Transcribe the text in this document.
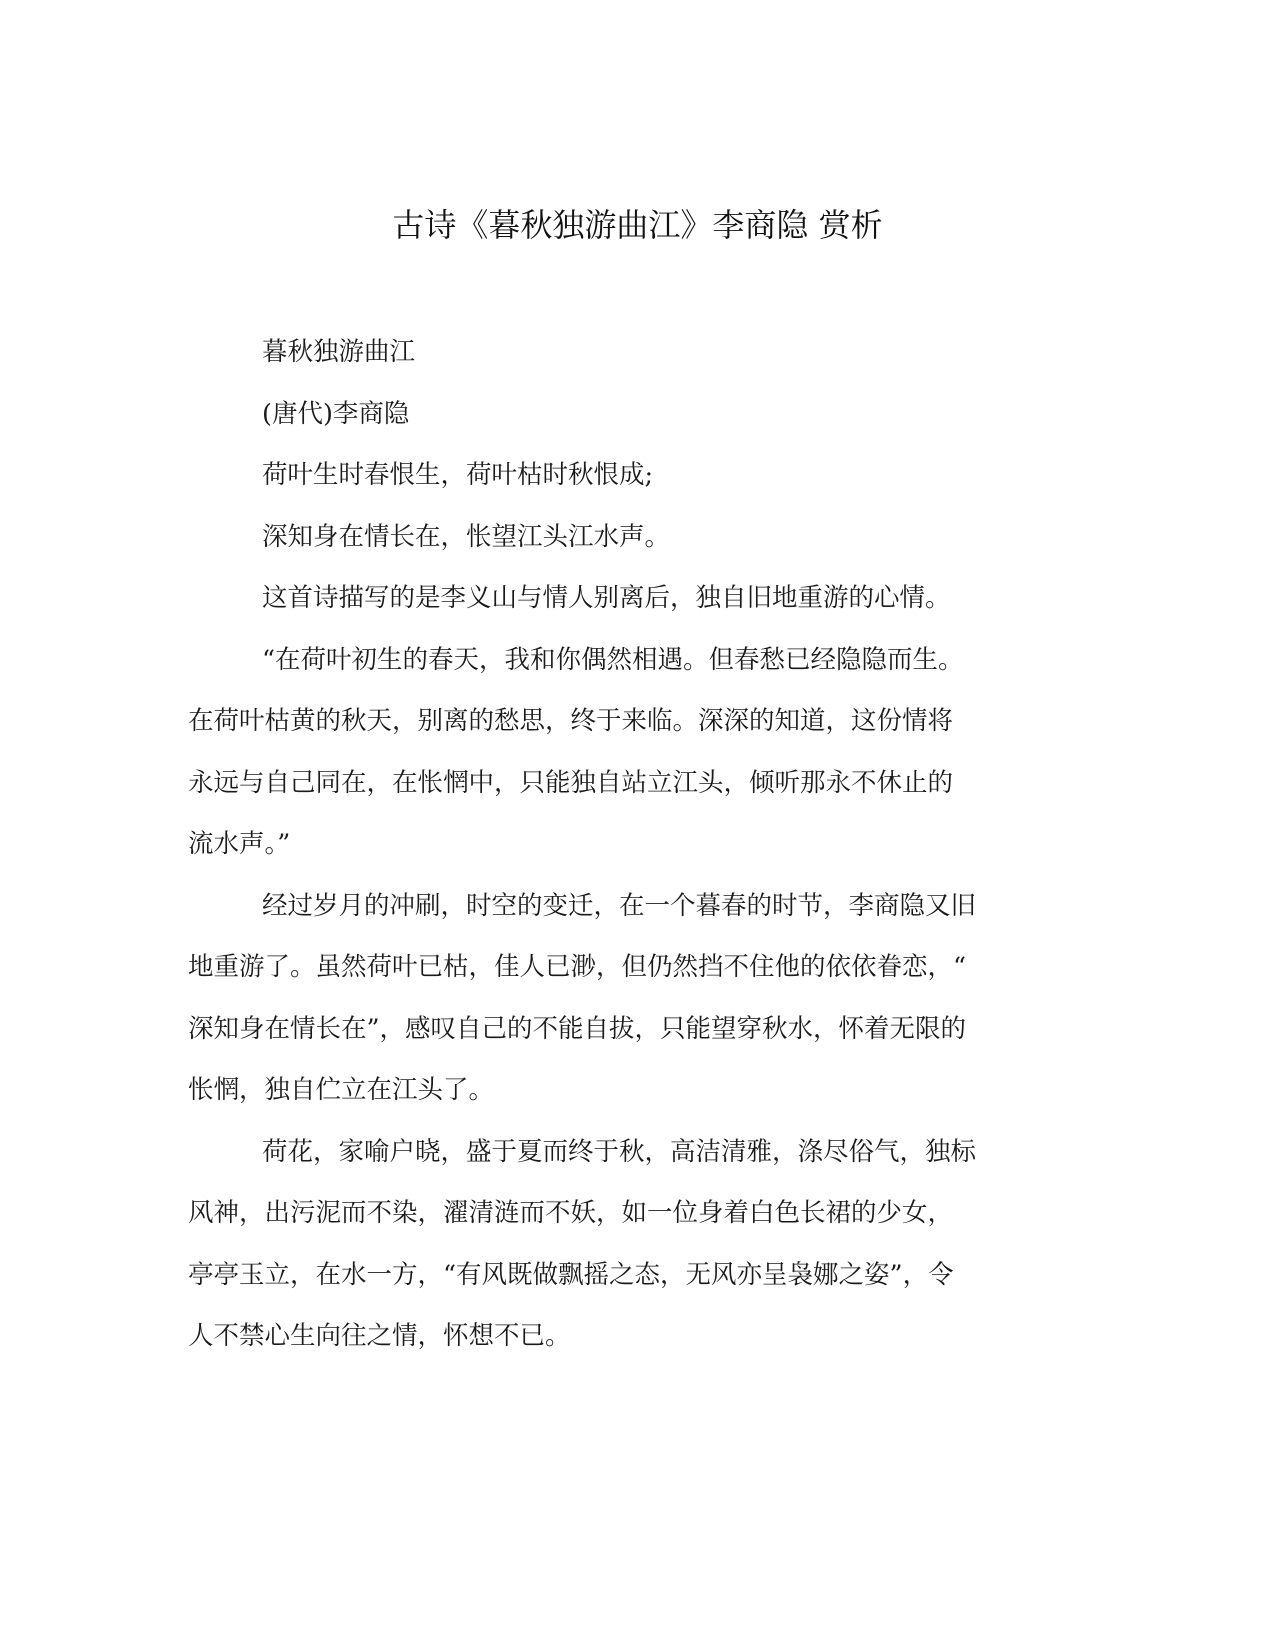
古诗《暮秋独游曲江》李商隐 赏析

暮秋独游曲江

(唐代)李商隐

荷叶生时春恨生，荷叶枯时秋恨成;

深知身在情长在，怅望江头江水声。

这首诗描写的是李义山与情人别离后，独自旧地重游的心情。

“在荷叶初生的春天，我和你偶然相遇。但春愁已经隐隐而生。

在荷叶枯黄的秋天，别离的愁思，终于来临。深深的知道，这份情将

永远与自己同在，在怅惘中，只能独自站立江头，倾听那永不休止的

流水声。”

经过岁月的冲刷，时空的变迁，在一个暮春的时节，李商隐又旧

地重游了。虽然荷叶已枯，佳人已渺，但仍然挡不住他的依依眷恋，“

深知身在情长在”，感叹自己的不能自拔，只能望穿秋水，怀着无限的

怅惘，独自伫立在江头了。

荷花，家喻户晓，盛于夏而终于秋，高洁清雅，涤尽俗气，独标

风神，出污泥而不染，濯清涟而不妖，如一位身着白色长裙的少女，

亭亭玉立，在水一方，“有风既做飘摇之态，无风亦呈袅娜之姿”，令

人不禁心生向往之情，怀想不已。
